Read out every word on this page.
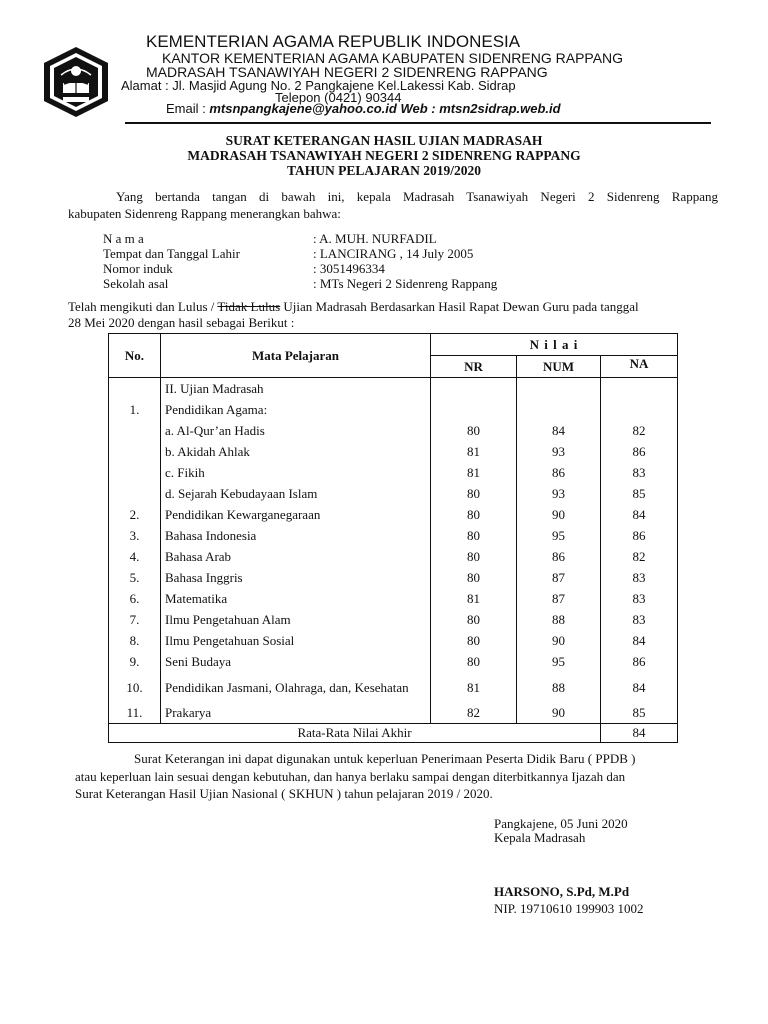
KEMENTERIAN AGAMA REPUBLIK INDONESIA
KANTOR KEMENTERIAN AGAMA KABUPATEN SIDENRENG RAPPANG
MADRASAH TSANAWIYAH NEGERI 2 SIDENRENG RAPPANG
Alamat : Jl. Masjid Agung No. 2 Pangkajene Kel.Lakessi Kab. Sidrap
Telepon (0421) 90344
Email : mtsnpangkajene@yahoo.co.id Web : mtsn2sidrap.web.id
SURAT KETERANGAN HASIL UJIAN MADRASAH
MADRASAH TSANAWIYAH NEGERI 2 SIDENRENG RAPPANG
TAHUN PELAJARAN 2019/2020
Yang bertanda tangan di bawah ini, kepala Madrasah Tsanawiyah Negeri 2 Sidenreng Rappang
kabupaten Sidenreng Rappang menerangkan bahwa:
N a m a	: A. MUH. NURFADIL
Tempat dan Tanggal Lahir	: LANCIRANG , 14 July 2005
Nomor induk	: 3051496334
Sekolah asal	: MTs Negeri 2 Sidenreng Rappang
Telah mengikuti dan Lulus / Tidak Lulus Ujian Madrasah Berdasarkan Hasil Rapat Dewan Guru pada tanggal
28 Mei 2020 dengan hasil sebagai Berikut :
No.	Mata Pelajaran	N i l a i		
		NR	NUM	NA
	II. Ujian Madrasah			
1.	Pendidikan Agama:			
	a. Al-Qur’an Hadis	80	84	82
	b. Akidah Ahlak	81	93	86
	c. Fikih	81	86	83
	d. Sejarah Kebudayaan Islam	80	93	85
2.	Pendidikan Kewarganegaraan	80	90	84
3.	Bahasa Indonesia	80	95	86
4.	Bahasa Arab	80	86	82
5.	Bahasa Inggris	80	87	83
6.	Matematika	81	87	83
7.	Ilmu Pengetahuan Alam	80	88	83
8.	Ilmu Pengetahuan Sosial	80	90	84
9.	Seni Budaya	80	95	86
10.	Pendidikan Jasmani, Olahraga, dan, Kesehatan	81	88	84
11.	Prakarya	82	90	85
Rata-Rata Nilai Akhir				84
Surat Keterangan ini dapat digunakan untuk keperluan Penerimaan Peserta Didik Baru ( PPDB )
atau keperluan lain sesuai dengan kebutuhan, dan hanya berlaku sampai dengan diterbitkannya Ijazah dan
Surat Keterangan Hasil Ujian Nasional ( SKHUN ) tahun pelajaran 2019 / 2020.
Pangkajene, 05 Juni 2020
Kepala Madrasah
HARSONO, S.Pd, M.Pd
NIP. 19710610 199903 1002
